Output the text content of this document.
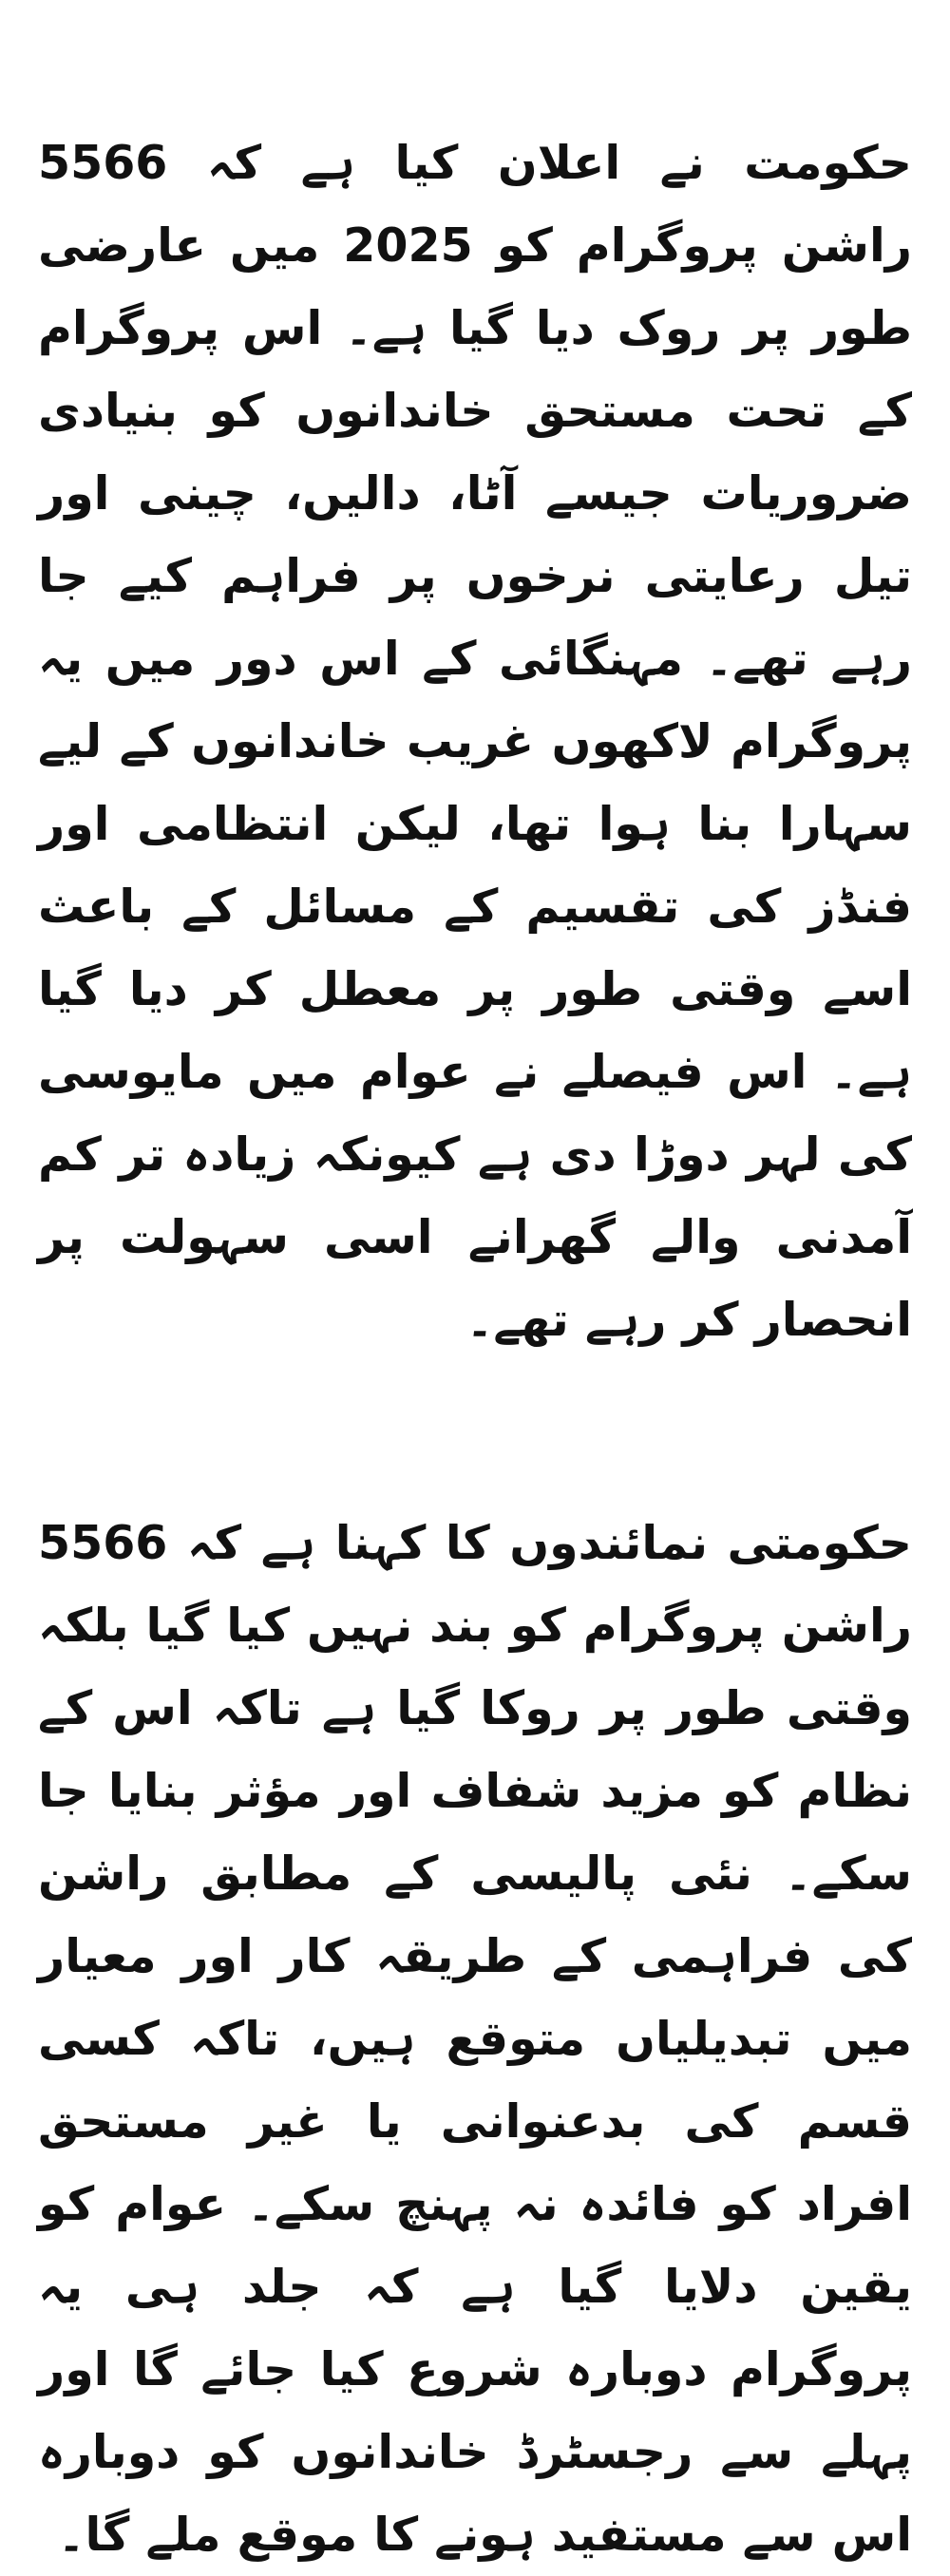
حکومت نے اعلان کیا ہے کہ 5566 راشن پروگرام کو 2025 میں عارضی طور پر روک دیا گیا ہے۔ اس پروگرام کے تحت مستحق خاندانوں کو بنیادی ضروریات جیسے آٹا، دالیں، چینی اور تیل رعایتی نرخوں پر فراہم کیے جا رہے تھے۔ مہنگائی کے اس دور میں یہ پروگرام لاکھوں غریب خاندانوں کے لیے سہارا بنا ہوا تھا، لیکن انتظامی اور فنڈز کی تقسیم کے مسائل کے باعث اسے وقتی طور پر معطل کر دیا گیا ہے۔ اس فیصلے نے عوام میں مایوسی کی لہر دوڑا دی ہے کیونکہ زیادہ تر کم آمدنی والے گھرانے اسی سہولت پر انحصار کر رہے تھے۔

حکومتی نمائندوں کا کہنا ہے کہ 5566 راشن پروگرام کو بند نہیں کیا گیا بلکہ وقتی طور پر روکا گیا ہے تاکہ اس کے نظام کو مزید شفاف اور مؤثر بنایا جا سکے۔ نئی پالیسی کے مطابق راشن کی فراہمی کے طریقہ کار اور معیار میں تبدیلیاں متوقع ہیں، تاکہ کسی قسم کی بدعنوانی یا غیر مستحق افراد کو فائدہ نہ پہنچ سکے۔ عوام کو یقین دلایا گیا ہے کہ جلد ہی یہ پروگرام دوبارہ شروع کیا جائے گا اور پہلے سے رجسٹرڈ خاندانوں کو دوبارہ اس سے مستفید ہونے کا موقع ملے گا۔
